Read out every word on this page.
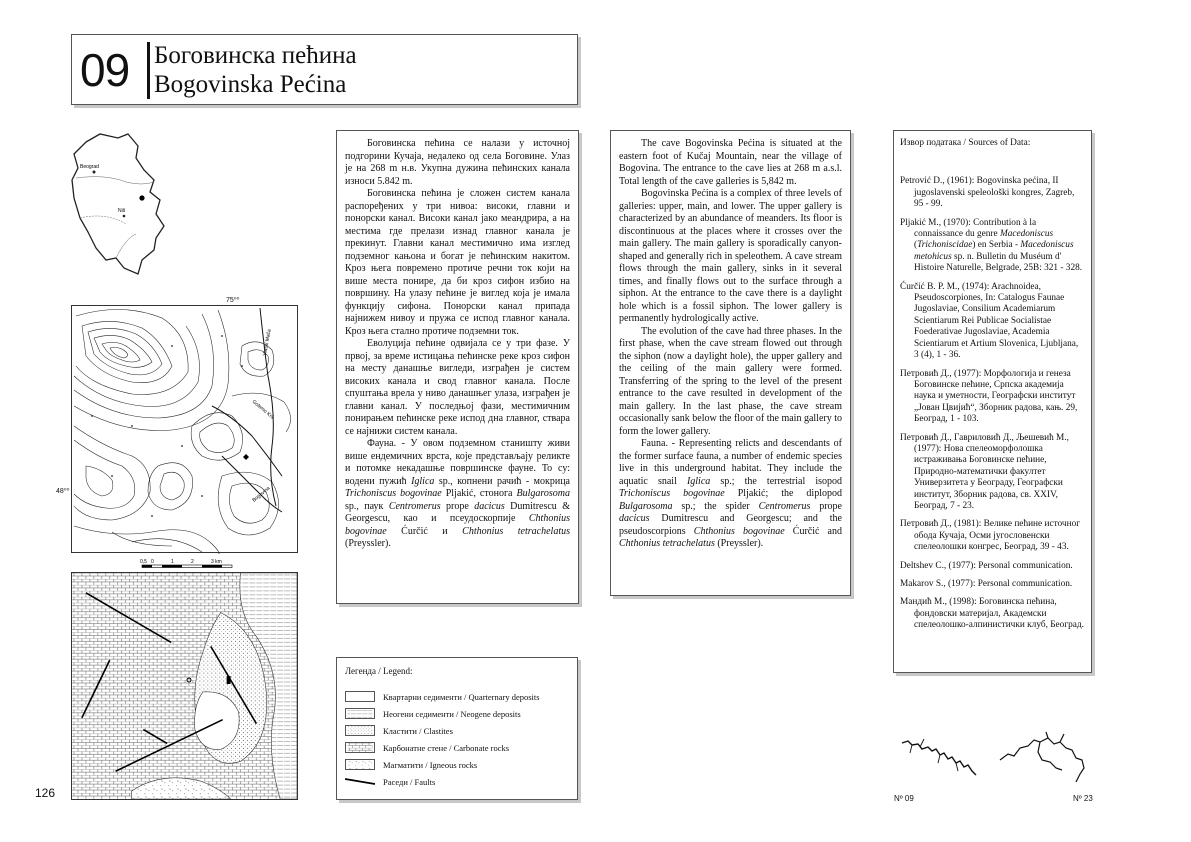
09 Боговинска пећина
Bogovinska Pećina
Beograd
Niš
Vlaški Mača
Golemo Krš
Bogovina
75⁰⁰
48⁰⁰
0,5 0	1	2	3 km

Боговинска пећина се налази у источној подгорини Кучаја, недалеко од села Боговине. Улаз је на 268 m н.в. Укупна дужина пећинских канала износи 5.842 m.

Боговинска пећина је сложен систем канала распоређених у три нивоа: високи, главни и понорски канал. Високи канал јако меандрира, а на местима где прелази изнад главног канала је прекинут. Главни канал местимично има изглед подземног кањона и богат је пећинским накитом. Кроз њега повремено протиче речни ток који на више места понире, да би кроз сифон избио на површину. На улазу пећине је виглед која је имала функцију сифона. Понорски канал припада најнижем нивоу и пружа се испод главног канала. Кроз њега стално протиче подземни ток.

Еволуција пећине одвијала се у три фазе. У првој, за време истицања пећинске реке кроз сифон на месту данашње вигледи, изграђен је систем високих канала и свод главног канала. После спуштања врела у ниво данашњег улаза, изграђен је главни канал. У последњој фази, местимичним понирањем пећинске реке испод дна главног, ствара се најнижи систем канала.

Фауна. - У овом подземном станишту живи више ендемичних врста, које представљају реликте и потомке некадашње површинске фауне. То су: водени пужић Iglica sp., копнени рачић - мокрица Trichoniscus bogovinae Pljakić, стонога Bulgarosoma sp., паук Centromerus prope dacicus Dumitrescu & Georgescu, као и псеудоскорпије Chthonius bogovinae Ćurčić и Chthonius tetrachelatus (Preyssler).

The cave Bogovinska Pećina is situated at the eastern foot of Kučaj Mountain, near the village of Bogovina. The entrance to the cave lies at 268 m a.s.l. Total length of the cave galleries is 5,842 m.

Bogovinska Pećina is a complex of three levels of galleries: upper, main, and lower. The upper gallery is characterized by an abundance of meanders. Its floor is discontinuous at the places where it crosses over the main gallery. The main gallery is sporadically canyon-shaped and generally rich in speleothem. A cave stream flows through the main gallery, sinks in it several times, and finally flows out to the surface through a siphon. At the entrance to the cave there is a daylight hole which is a fossil siphon. The lower gallery is permanently hydrologically active.

The evolution of the cave had three phases. In the first phase, when the cave stream flowed out through the siphon (now a daylight hole), the upper gallery and the ceiling of the main gallery were formed. Transferring of the spring to the level of the present entrance to the cave resulted in development of the main gallery. In the last phase, the cave stream occasionally sank below the floor of the main gallery to form the lower gallery.

Fauna. - Representing relicts and descendants of the former surface fauna, a number of endemic species live in this underground habitat. They include the aquatic snail Iglica sp.; the terrestrial isopod Trichoniscus bogovinae Pljakić; the diplopod Bulgarosoma sp.; the spider Centromerus prope dacicus Dumitrescu and Georgescu; and the pseudoscorpions Chthonius bogovinae Ćurčić and Chthonius tetrachelatus (Preyssler).

Извор података / Sources of Data:
Petrović D., (1961): Bogovinska pećina, II jugoslavenski speleološki kongres, Zagreb, 95 - 99.
Pljakić M., (1970): Contribution à la connaissance du genre Macedoniscus (Trichoniscidae) en Serbia - Macedoniscus metohicus sp. n. Bulletin du Muséum d' Histoire Naturelle, Belgrade, 25B: 321 - 328.
Ćurčić B. P. M., (1974): Arachnoidea, Pseudoscorpiones, In: Catalogus Faunae Jugoslaviae, Consilium Academiarum Scientiarum Rei Publicae Socialistae Foederativae Jugoslaviae, Academia Scientiarum et Artium Slovenica, Ljubljana, 3 (4), 1 - 36.
Петровић Д., (1977): Морфологија и генеза Боговинске пећине, Српска академија наука и уметности, Географски институт „Јован Цвијић“, Зборник радова, кањ. 29, Београд, 1 - 103.
Петровић Д., Гавриловић Д., Љешевић М., (1977): Нова спелеоморфолошка истраживања Боговинске пећине, Природно-математички факултет Универзитета у Београду, Географски институт, Зборник радова, св. XXIV, Београд, 7 - 23.
Петровић Д., (1981): Велике пећине источног обода Кучаја, Осми југословенски спелеолошки конгрес, Београд, 39 - 43.
Deltshev C., (1977): Personal communication.
Makarov S., (1977): Personal communication.
Мандић М., (1998): Боговинска пећина, фондовски материјал, Академски спелеолошко-алпинистички клуб, Београд.
Легенда / Legend:
Квартарни седименти / Quarternary deposits
Неогени седименти / Neogene deposits
Кластити / Clastites
Карбонатне стене / Carbonate rocks
Магматити / Igneous rocks
Раседи / Faults
Nº 09	Nº 23
126
